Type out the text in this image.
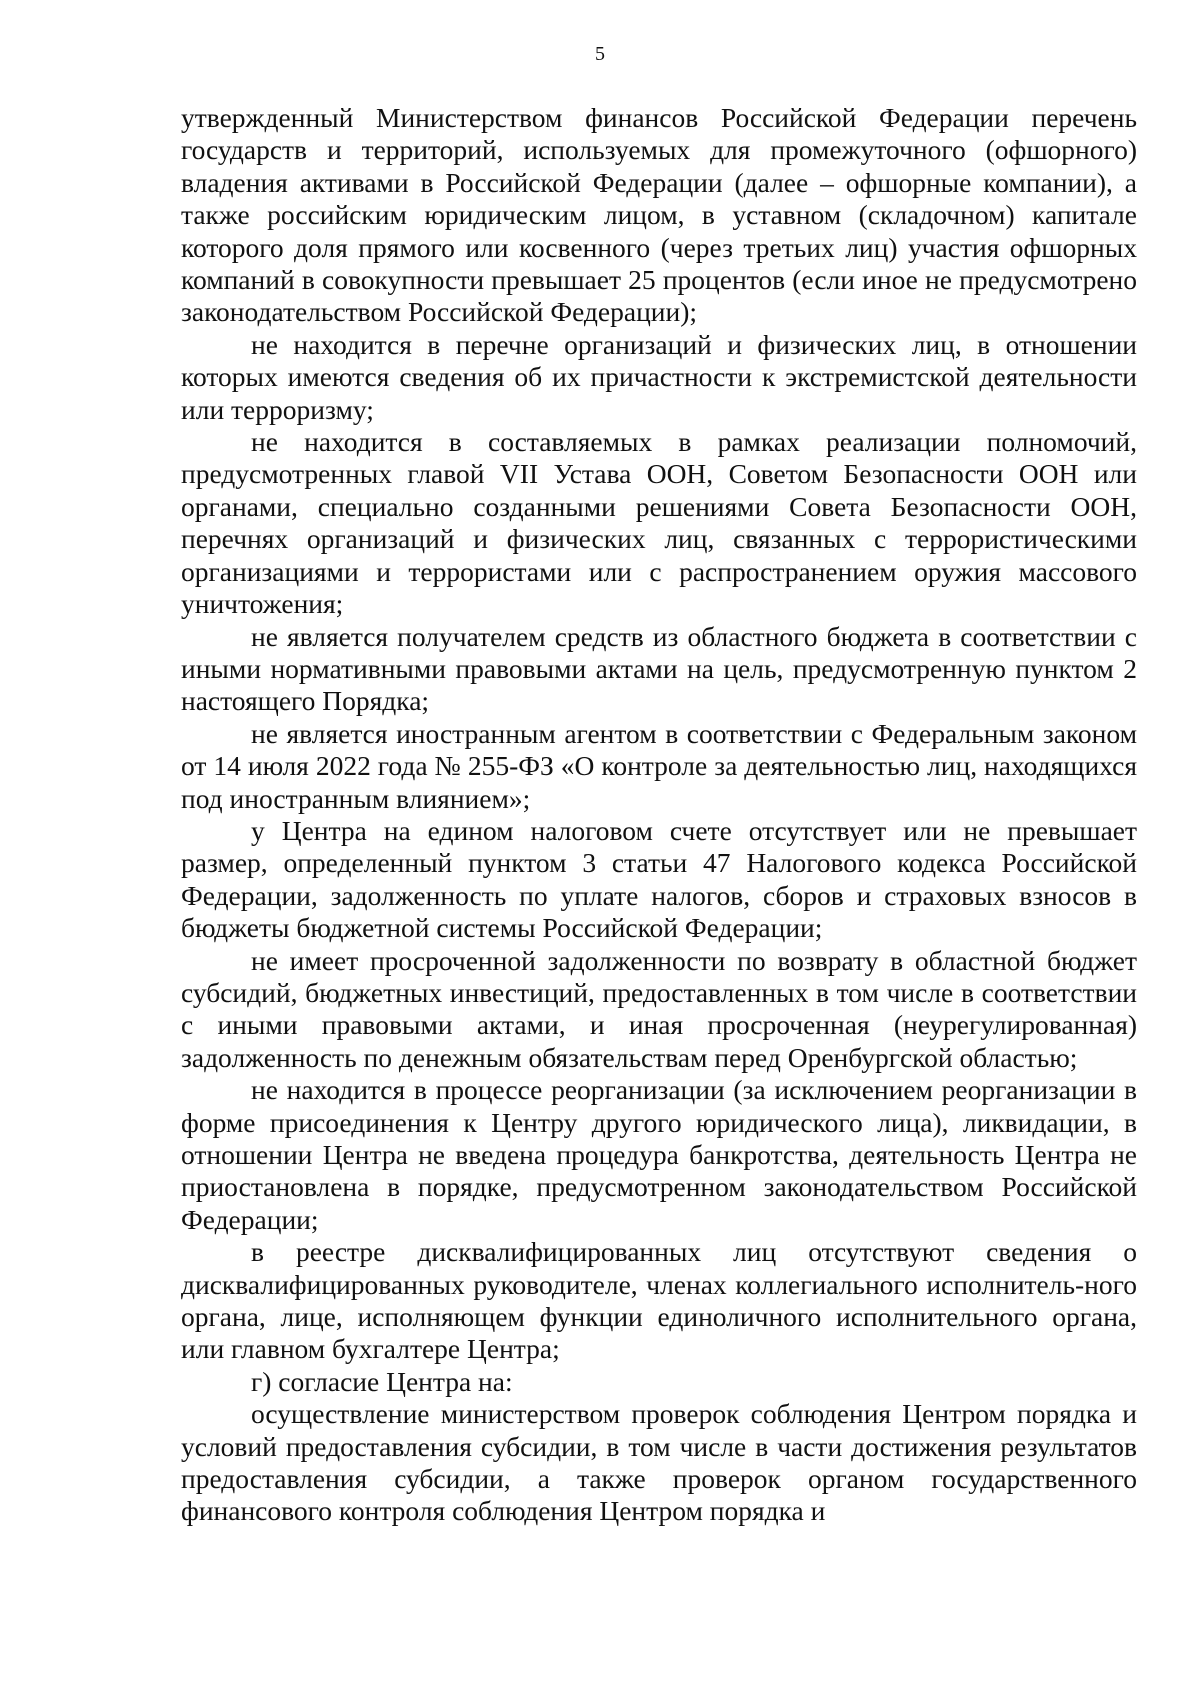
5

утвержденный Министерством финансов Российской Федерации перечень государств и территорий, используемых для промежуточного (офшорного) владения активами в Российской Федерации (далее – офшорные компании), а также российским юридическим лицом, в уставном (складочном) капитале которого доля прямого или косвенного (через третьих лиц) участия офшорных компаний в совокупности превышает 25 процентов (если иное не предусмотрено законодательством Российской Федерации);

не находится в перечне организаций и физических лиц, в отношении которых имеются сведения об их причастности к экстремистской деятельности или терроризму;

не находится в составляемых в рамках реализации полномочий, предусмотренных главой VII Устава ООН, Советом Безопасности ООН или органами, специально созданными решениями Совета Безопасности ООН, перечнях организаций и физических лиц, связанных с террористическими организациями и террористами или с распространением оружия массового уничтожения;

не является получателем средств из областного бюджета в соответствии с иными нормативными правовыми актами на цель, предусмотренную пунктом 2 настоящего Порядка;

не является иностранным агентом в соответствии с Федеральным законом от 14 июля 2022 года № 255-ФЗ «О контроле за деятельностью лиц, находящихся под иностранным влиянием»;

у Центра на едином налоговом счете отсутствует или не превышает размер, определенный пунктом 3 статьи 47 Налогового кодекса Российской Федерации, задолженность по уплате налогов, сборов и страховых взносов в бюджеты бюджетной системы Российской Федерации;

не имеет просроченной задолженности по возврату в областной бюджет субсидий, бюджетных инвестиций, предоставленных в том числе в соответствии с иными правовыми актами, и иная просроченная (неурегулированная) задолженность по денежным обязательствам перед Оренбургской областью;

не находится в процессе реорганизации (за исключением реорганизации в форме присоединения к Центру другого юридического лица), ликвидации, в отношении Центра не введена процедура банкротства, деятельность Центра не приостановлена в порядке, предусмотренном законодательством Российской Федерации;

в реестре дисквалифицированных лиц отсутствуют сведения о дисквалифицированных руководителе, членах коллегиального исполнитель-ного органа, лице, исполняющем функции единоличного исполнительного органа, или главном бухгалтере Центра;

г) согласие Центра на:

осуществление министерством проверок соблюдения Центром порядка и условий предоставления субсидии, в том числе в части достижения результатов предоставления субсидии, а также проверок органом государственного финансового контроля соблюдения Центром порядка и
